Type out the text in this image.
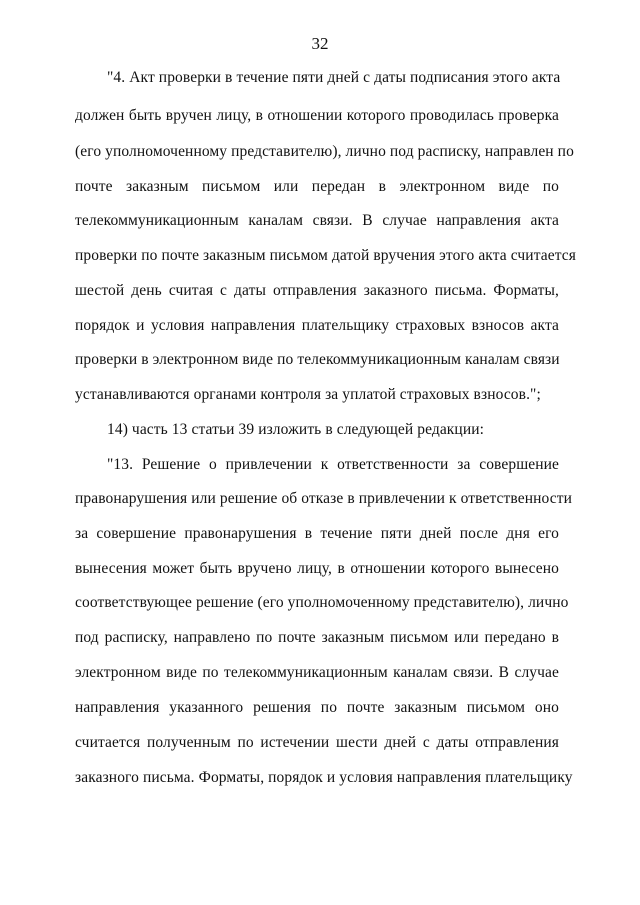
32
"4. Акт проверки в течение пяти дней с даты подписания этого акта
должен быть вручен лицу, в отношении которого проводилась проверка
(его уполномоченному представителю), лично под расписку, направлен по
почте заказным письмом или передан в электронном виде по
телекоммуникационным каналам связи. В случае направления акта
проверки по почте заказным письмом датой вручения этого акта считается
шестой день считая с даты отправления заказного письма. Форматы,
порядок и условия направления плательщику страховых взносов акта
проверки в электронном виде по телекоммуникационным каналам связи
устанавливаются органами контроля за уплатой страховых взносов.";
14) часть 13 статьи 39 изложить в следующей редакции:
"13. Решение о привлечении к ответственности за совершение
правонарушения или решение об отказе в привлечении к ответственности
за совершение правонарушения в течение пяти дней после дня его
вынесения может быть вручено лицу, в отношении которого вынесено
соответствующее решение (его уполномоченному представителю), лично
под расписку, направлено по почте заказным письмом или передано в
электронном виде по телекоммуникационным каналам связи. В случае
направления указанного решения по почте заказным письмом оно
считается полученным по истечении шести дней с даты отправления
заказного письма. Форматы, порядок и условия направления плательщику
